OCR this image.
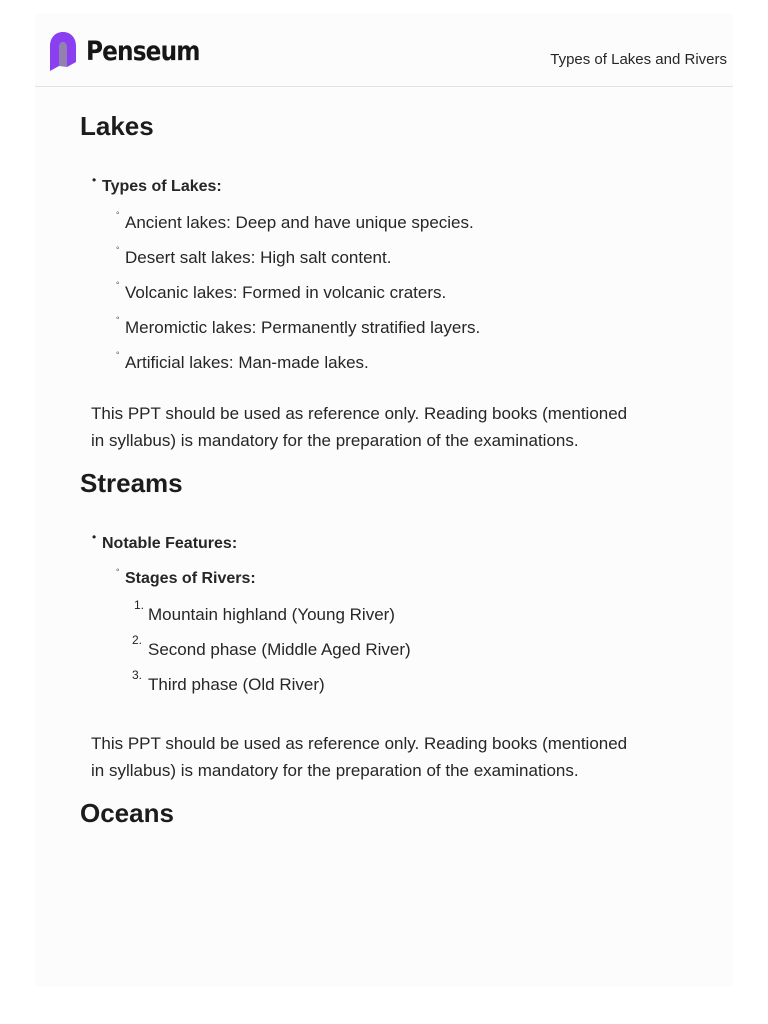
Penseum	Types of Lakes and Rivers
Lakes
• Types of Lakes:
◦ Ancient lakes: Deep and have unique species.
◦ Desert salt lakes: High salt content.
◦ Volcanic lakes: Formed in volcanic craters.
◦ Meromictic lakes: Permanently stratified layers.
◦ Artificial lakes: Man-made lakes.
This PPT should be used as reference only. Reading books (mentioned
in syllabus) is mandatory for the preparation of the examinations.
Streams
• Notable Features:
◦ Stages of Rivers:
1. Mountain highland (Young River)
2. Second phase (Middle Aged River)
3. Third phase (Old River)
This PPT should be used as reference only. Reading books (mentioned
in syllabus) is mandatory for the preparation of the examinations.
Oceans
